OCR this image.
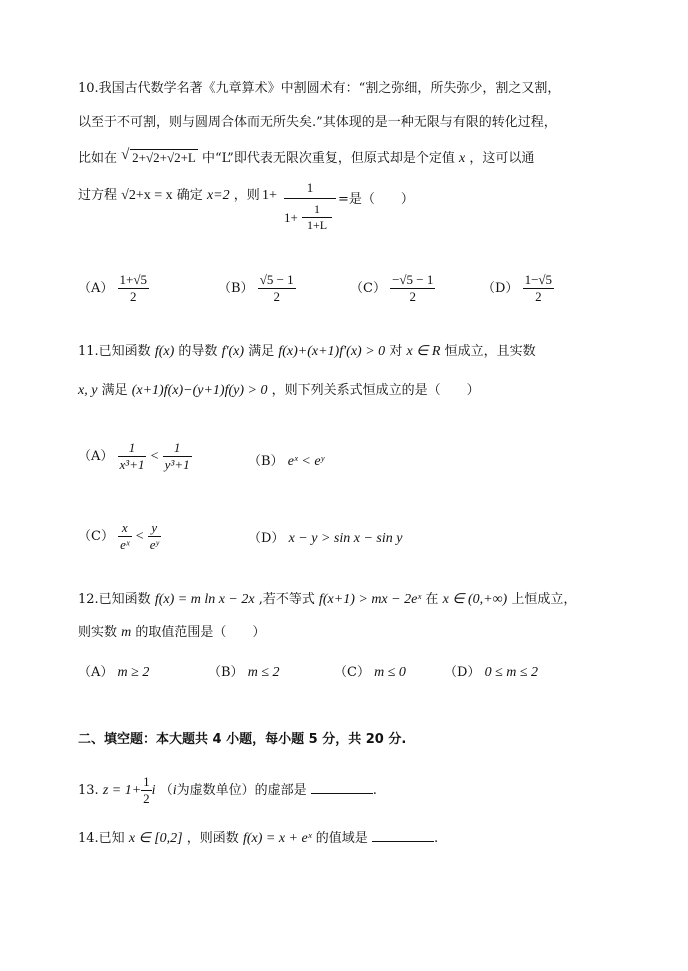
10.我国古代数学名著《九章算术》中割圆术有：“割之弥细，所失弥少，割之又割，
以至于不可割，则与圆周合体而无所失矣.”其体现的是一种无限与有限的转化过程，
比如在 √ 2+√2+√2+L 中“L”即代表无限次重复，但原式却是个定值 x ，这可以通
过方程 √2+x = x 确定 x=2 ，则 1+
1
1+
1
1+L
=是（　　）
$(A) \frac{1+√5}{2}$	$(B) \frac{√5 - 1}{2}$	$(C) \frac{-√5 - 1}{2}$	$(D) \frac{1-√5}{2}$
11.已知函数 f(x) 的导数 f′(x) 满足 f(x)+(x+1)f′(x) > 0 对 x ∈ R 恒成立，且实数
x, y 满足 (x+1)f(x)−(y+1)f(y) > 0 ，则下列关系式恒成立的是（　　）
$(A) \frac{1}{\text{x³+1}} < \frac{1}{\text{y³+1}}$	（B） eˣ < eʸ
$(C) \frac{x}{\text{eˣ}} < \frac{y}{\text{eʸ}}$	（D） x − y > sin x − sin y
12.已知函数 f(x) = m ln x − 2x ,若不等式 f(x+1) > mx − 2eˣ 在 x ∈ (0,+∞) 上恒成立，
则实数 m 的取值范围是（　　）
（A） m ≥ 2	（B） m ≤ 2	（C） m ≤ 0	（D） 0 ≤ m ≤ 2
二、填空题：本大题共 4 小题，每小题 5 分，共 20 分.
13. $z = 1+ \frac{1}{2}$ i （i为虚数单位）的虚部是	.
14.已知 x ∈ [0,2] ，则函数 f(x) = x + eˣ 的值域是	.
